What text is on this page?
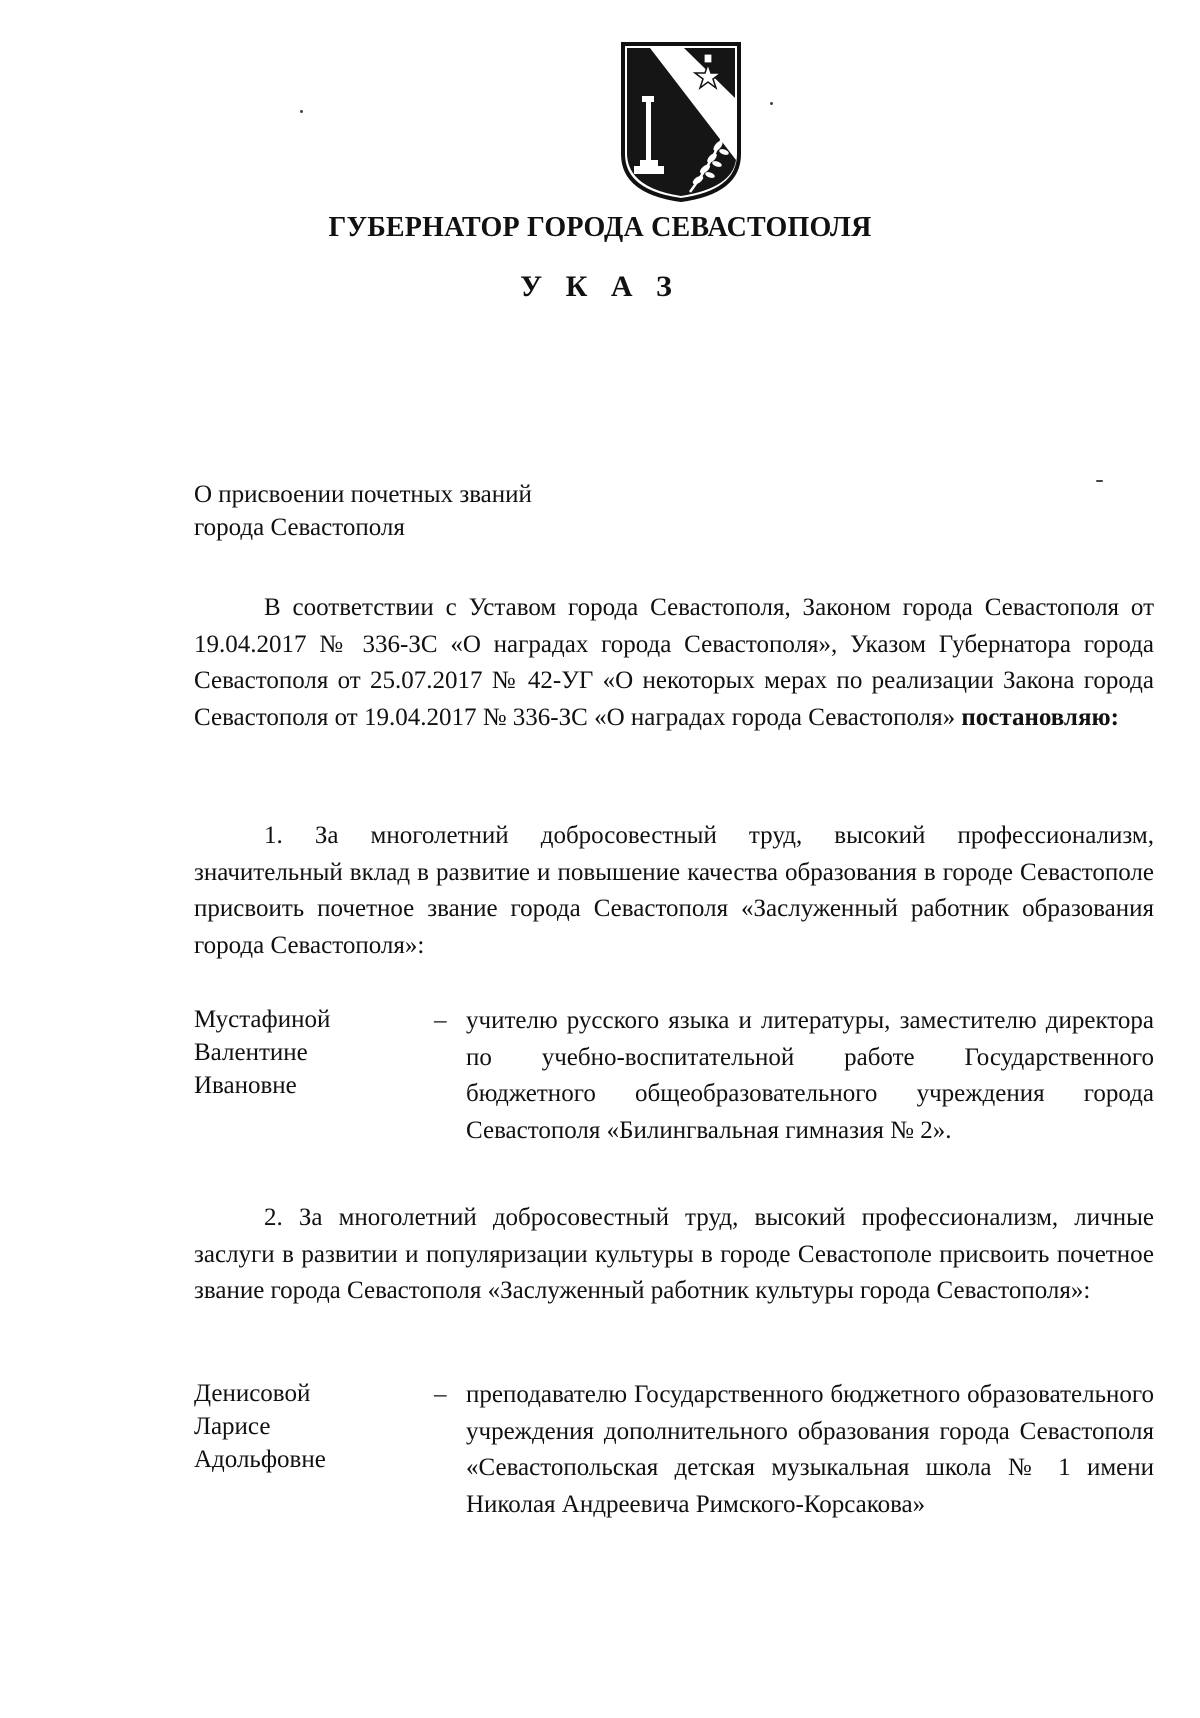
ГУБЕРНАТОР ГОРОДА СЕВАСТОПОЛЯ
У К А З
О присвоении почетных званий
города Севастополя
В соответствии с Уставом города Севастополя, Законом города Севастополя от 19.04.2017 № 336-ЗС «О наградах города Севастополя», Указом Губернатора города Севастополя от 25.07.2017 № 42-УГ «О некоторых мерах по реализации Закона города Севастополя от 19.04.2017 № 336-ЗС «О наградах города Севастополя» постановляю:
1. За многолетний добросовестный труд, высокий профессионализм, значительный вклад в развитие и повышение качества образования в городе Севастополе присвоить почетное звание города Севастополя «Заслуженный работник образования города Севастополя»:
Мустафиной
Валентине
Ивановне
– учителю русского языка и литературы, заместителю директора по учебно-воспитательной работе Государственного бюджетного общеобразовательного учреждения города Севастополя «Билингвальная гимназия № 2».
2. За многолетний добросовестный труд, высокий профессионализм, личные заслуги в развитии и популяризации культуры в городе Севастополе присвоить почетное звание города Севастополя «Заслуженный работник культуры города Севастополя»:
Денисовой
Ларисе
Адольфовне
– преподавателю Государственного бюджетного образовательного учреждения дополнительного образования города Севастополя «Севастопольская детская музыкальная школа № 1 имени Николая Андреевича Римского-Корсакова»
